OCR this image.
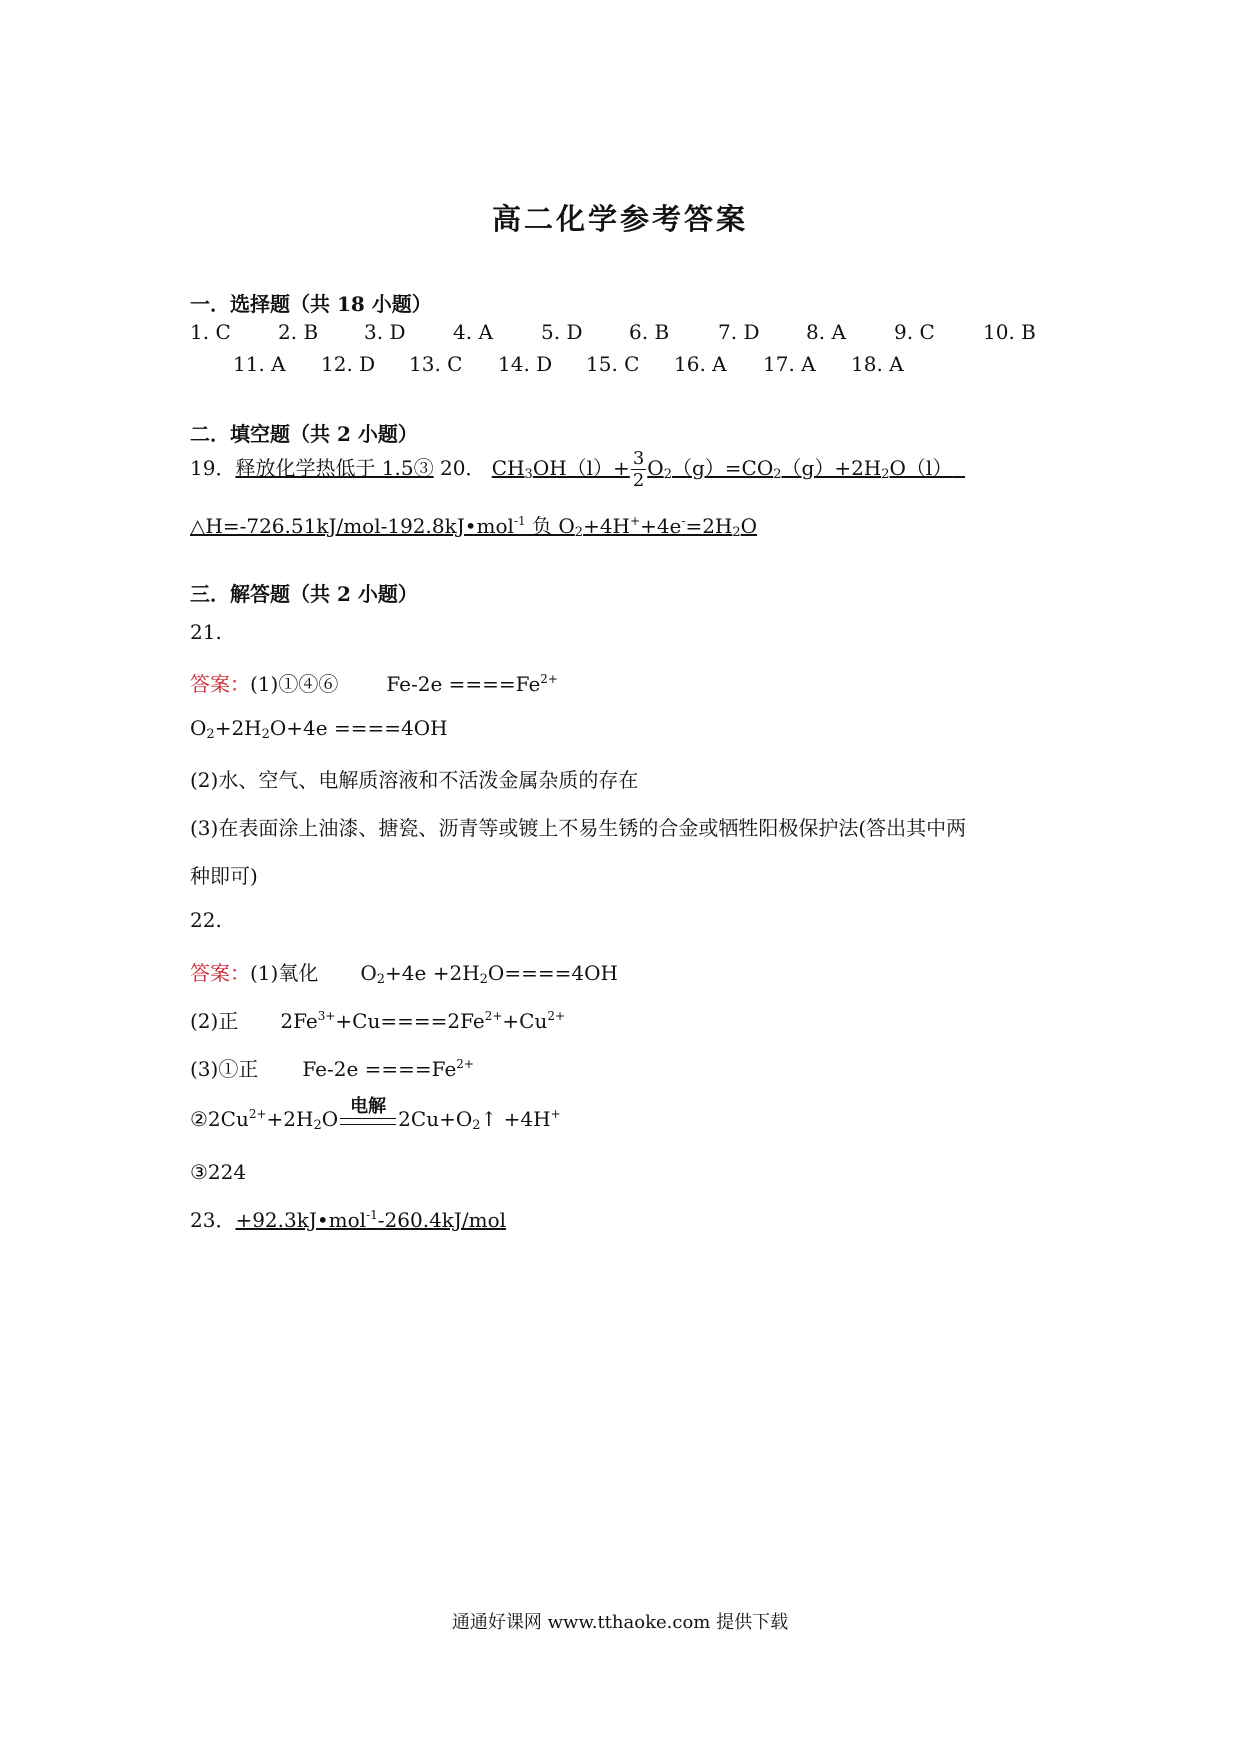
高二化学参考答案
一．选择题（共 18 小题）
1. C 2. B 3. D 4. A 5. D 6. B 7. D 8. A 9. C 10. B
11. A 12. D 13. C 14. D 15. C 16. A 17. A 18. A
二．填空题（共 2 小题）
19．释放化学热低于 1.5③ 20． $CH_3OH(l)+ \frac{3}{2} O_2(g)=CO_2(g)+2H_2O(l)$
△H=-726.51kJ/mol-192.8kJ•mol$^{-1}$ 负 $O_2+4H^++4e^-=2H_2O$
三．解答题（共 2 小题）
21.
答案：(1)①④⑥ $Fe-2e ====Fe^{2+}$
$O_2+2H_2O+4e ====4OH$
(2)水、空气、电解质溶液和不活泼金属杂质的存在
(3)在表面涂上油漆、搪瓷、沥青等或镀上不易生锈的合金或牺牲阳极保护法(答出其中两
种即可)
22.
答案：(1)氧化 $O_2+4e +2H_2O====4OH$
(2)正 $2Fe^{3+}+Cu====2Fe^{2+}+Cu^{2+}$
(3)①正 $Fe-2e ====Fe^{2+}$
$②2Cu^{2+}+2H_2O$
电解
$2Cu+O_2↑ +4H^+$
③224
23．+92.3kJ•mol$^{-1}$-260.4kJ/mol
通通好课网 www.tthaoke.com 提供下载
